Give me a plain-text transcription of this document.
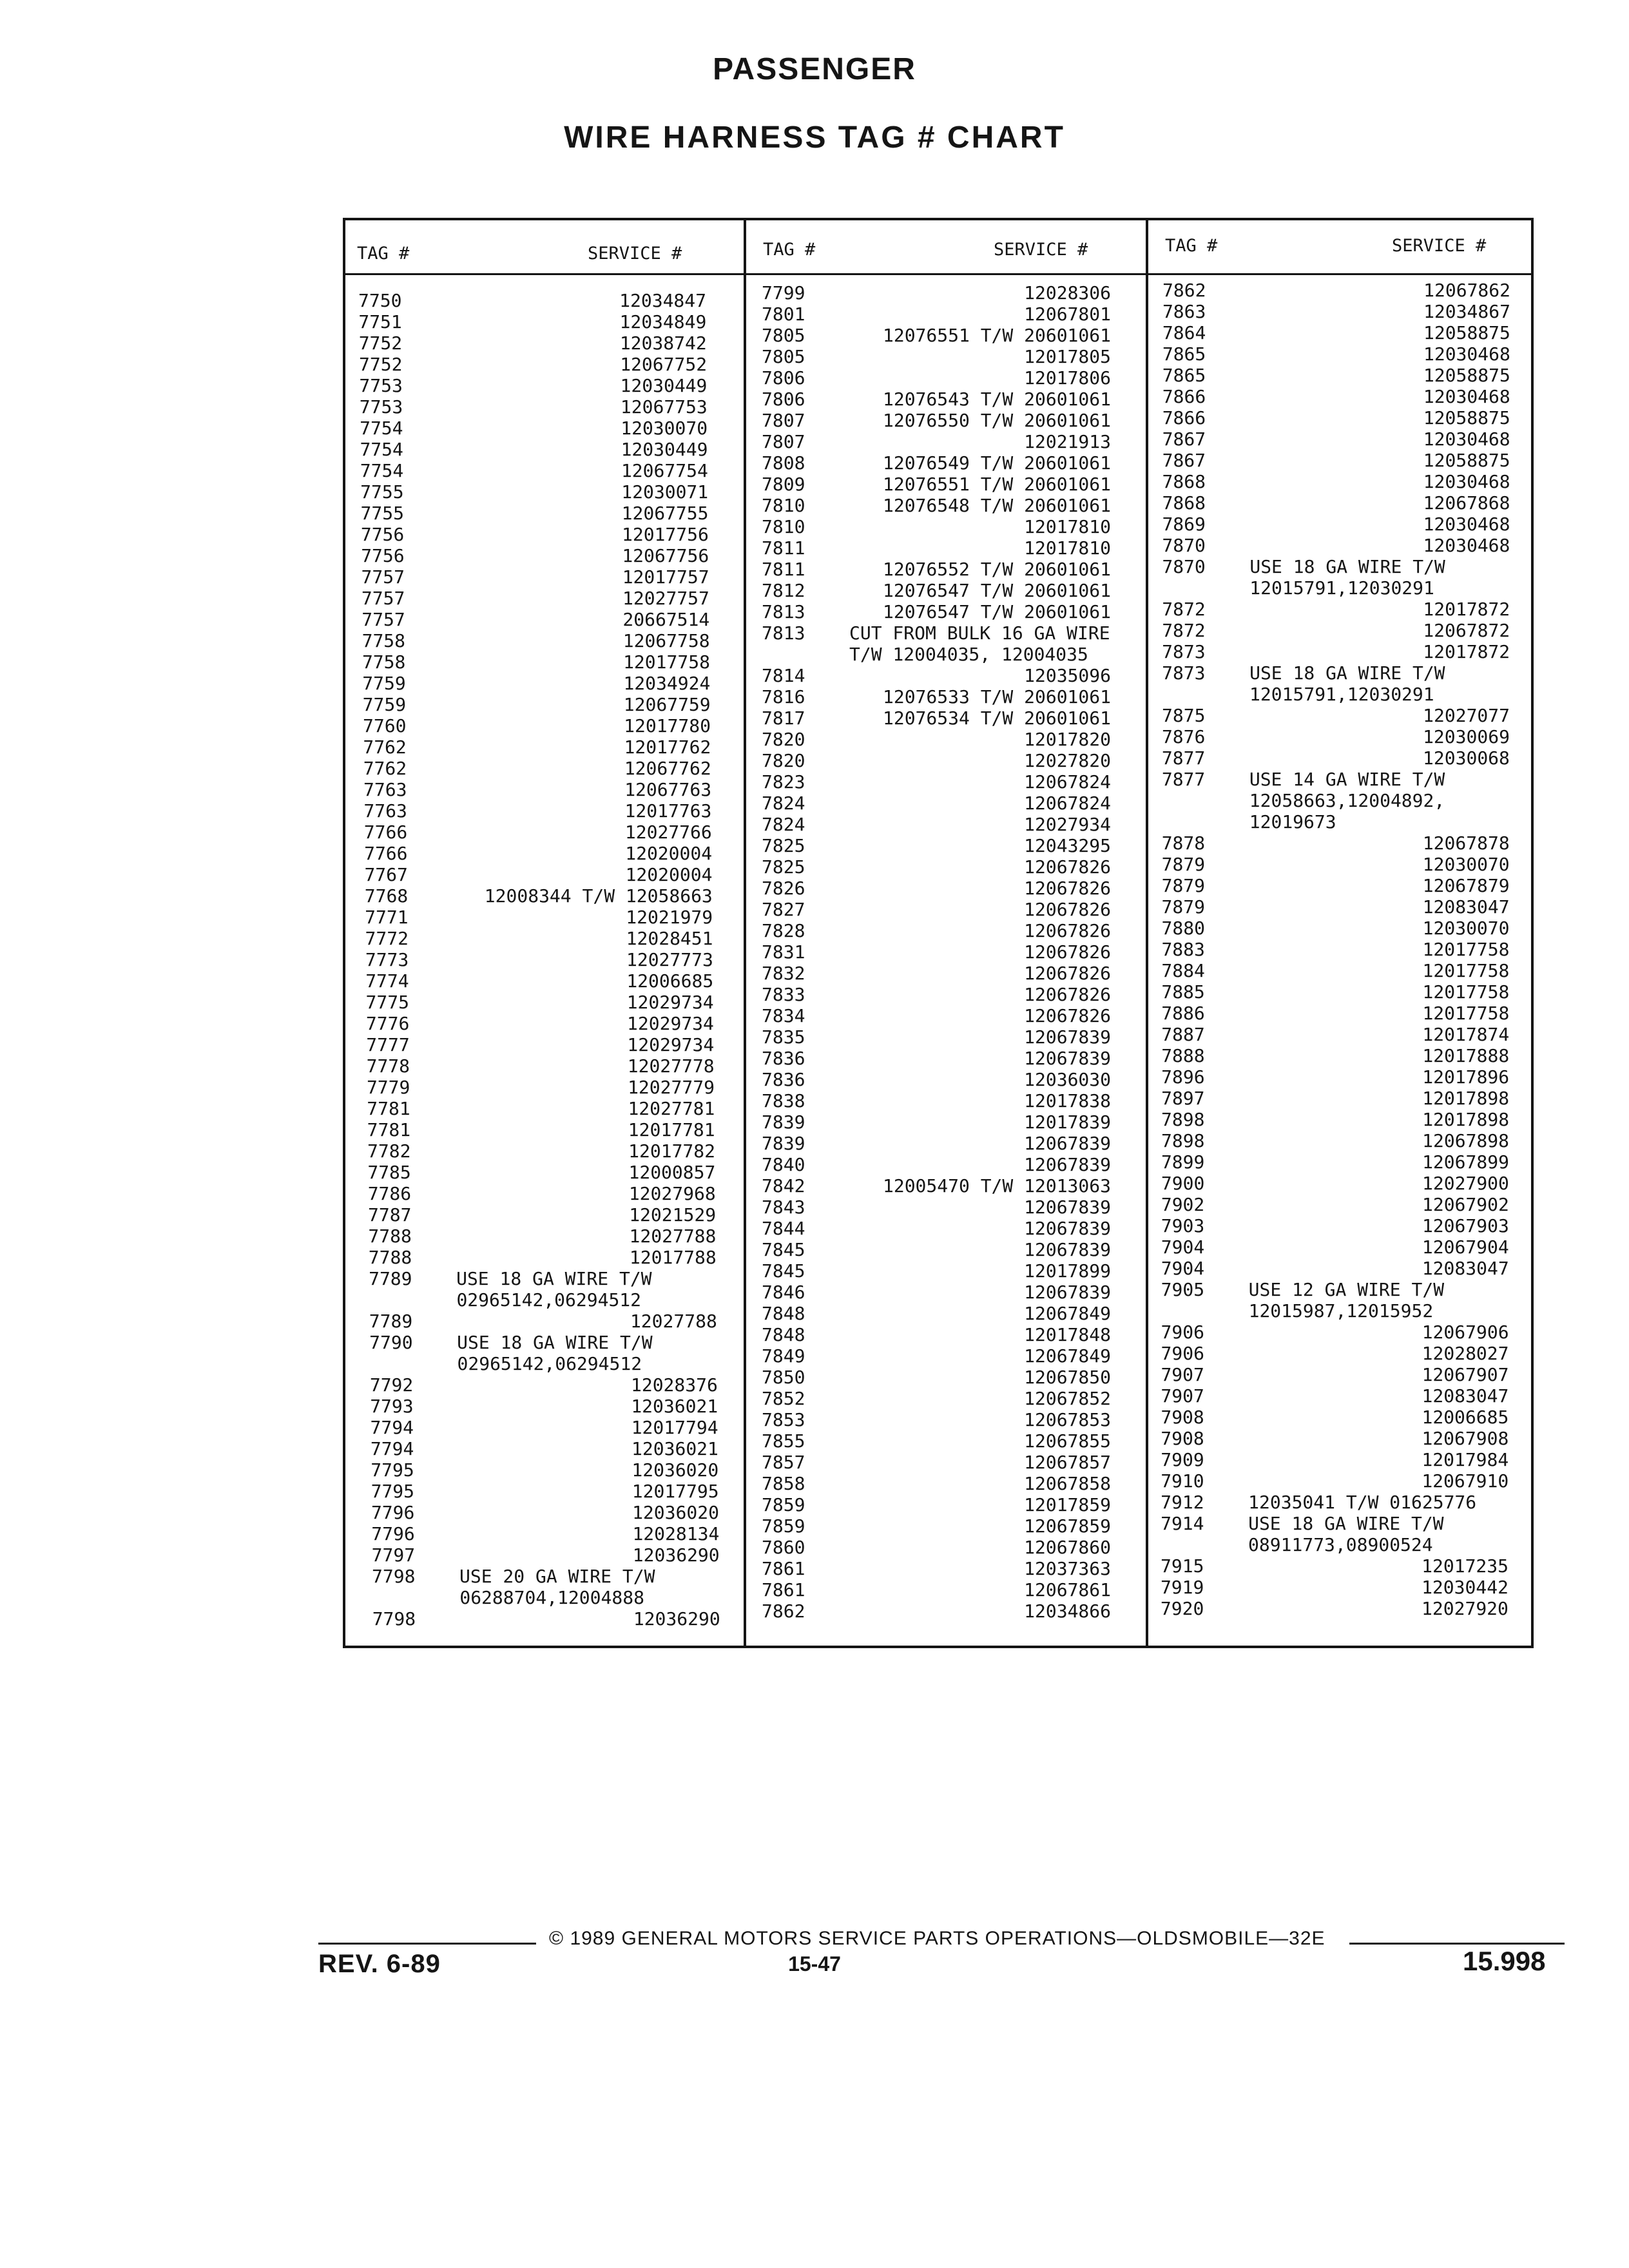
PASSENGER
WIRE HARNESS TAG # CHART
TAG #	SERVICE #	TAG #	SERVICE #	TAG #	SERVICE #
7750	12034847
7751	12034849
7752	12038742
7752	12067752
7753	12030449
7753	12067753
7754	12030070
7754	12030449
7754	12067754
7755	12030071
7755	12067755
7756	12017756
7756	12067756
7757	12017757
7757	12027757
7757	20667514
7758	12067758
7758	12017758
7759	12034924
7759	12067759
7760	12017780
7762	12017762
7762	12067762
7763	12067763
7763	12017763
7766	12027766
7766	12020004
7767	12020004
7768	12008344 T/W 12058663
7771	12021979
7772	12028451
7773	12027773
7774	12006685
7775	12029734
7776	12029734
7777	12029734
7778	12027778
7779	12027779
7781	12027781
7781	12017781
7782	12017782
7785	12000857
7786	12027968
7787	12021529
7788	12027788
7788	12017788
7789 USE 18 GA WIRE T/W
02965142,06294512
7789	12027788
7790 USE 18 GA WIRE T/W
02965142,06294512
7792	12028376
7793	12036021
7794	12017794
7794	12036021
7795	12036020
7795	12017795
7796	12036020
7796	12028134
7797	12036290
7798 USE 20 GA WIRE T/W
06288704,12004888
7798	12036290
7799	12028306
7801	12067801
7805	12076551 T/W 20601061
7805	12017805
7806	12017806
7806	12076543 T/W 20601061
7807	12076550 T/W 20601061
7807	12021913
7808	12076549 T/W 20601061
7809	12076551 T/W 20601061
7810	12076548 T/W 20601061
7810	12017810
7811	12017810
7811	12076552 T/W 20601061
7812	12076547 T/W 20601061
7813	12076547 T/W 20601061
7813 CUT FROM BULK 16 GA WIRE
T/W 12004035, 12004035
7814	12035096
7816	12076533 T/W 20601061
7817	12076534 T/W 20601061
7820	12017820
7820	12027820
7823	12067824
7824	12067824
7824	12027934
7825	12043295
7825	12067826
7826	12067826
7827	12067826
7828	12067826
7831	12067826
7832	12067826
7833	12067826
7834	12067826
7835	12067839
7836	12067839
7836	12036030
7838	12017838
7839	12017839
7839	12067839
7840	12067839
7842	12005470 T/W 12013063
7843	12067839
7844	12067839
7845	12067839
7845	12017899
7846	12067839
7848	12067849
7848	12017848
7849	12067849
7850	12067850
7852	12067852
7853	12067853
7855	12067855
7857	12067857
7858	12067858
7859	12017859
7859	12067859
7860	12067860
7861	12037363
7861	12067861
7862	12034866
7862	12067862
7863	12034867
7864	12058875
7865	12030468
7865	12058875
7866	12030468
7866	12058875
7867	12030468
7867	12058875
7868	12030468
7868	12067868
7869	12030468
7870	12030468
7870 USE 18 GA WIRE T/W
12015791,12030291
7872	12017872
7872	12067872
7873	12017872
7873 USE 18 GA WIRE T/W
12015791,12030291
7875	12027077
7876	12030069
7877	12030068
7877 USE 14 GA WIRE T/W
12058663,12004892,
12019673
7878	12067878
7879	12030070
7879	12067879
7879	12083047
7880	12030070
7883	12017758
7884	12017758
7885	12017758
7886	12017758
7887	12017874
7888	12017888
7896	12017896
7897	12017898
7898	12017898
7898	12067898
7899	12067899
7900	12027900
7902	12067902
7903	12067903
7904	12067904
7904	12083047
7905 USE 12 GA WIRE T/W
12015987,12015952
7906	12067906
7906	12028027
7907	12067907
7907	12083047
7908	12006685
7908	12067908
7909	12017984
7910	12067910
7912 12035041 T/W 01625776
7914 USE 18 GA WIRE T/W
08911773,08900524
7915	12017235
7919	12030442
7920	12027920
© 1989 GENERAL MOTORS SERVICE PARTS OPERATIONS—OLDSMOBILE—32E
REV. 6-89	15-47	15.998
